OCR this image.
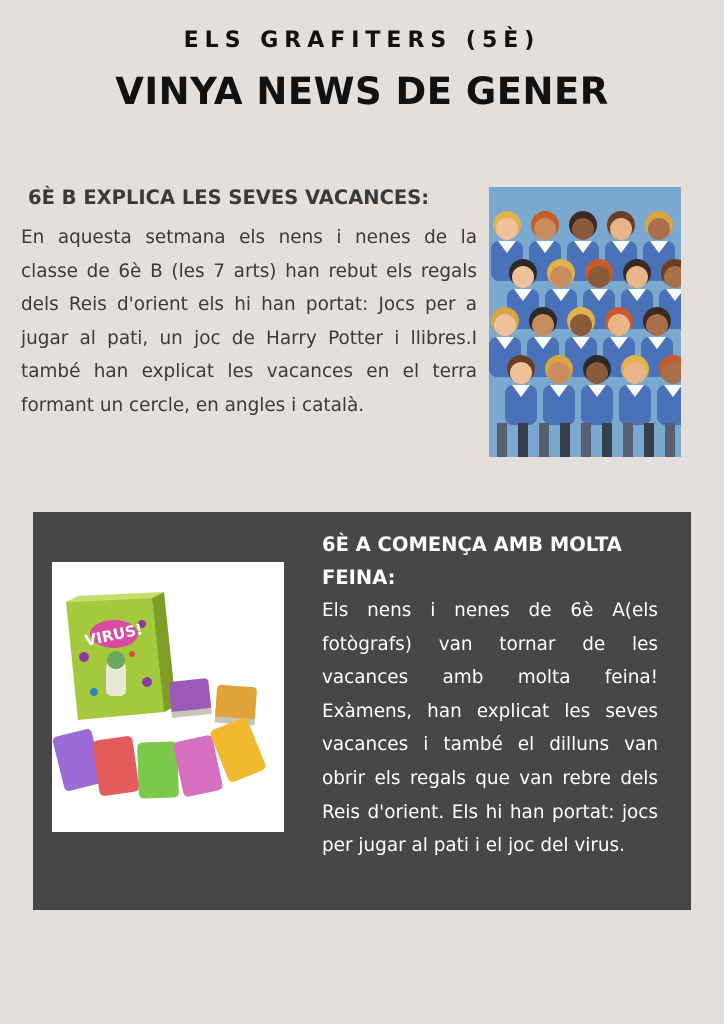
ELS GRAFITERS (5È)
VINYA NEWS DE GENER
6È B EXPLICA LES SEVES VACANCES:
En aquesta setmana els nens i nenes de la classe de 6è B (les 7 arts) han rebut els regals dels Reis d'orient els hi han portat: Jocs per a jugar al pati, un joc de Harry Potter i llibres.I també han explicat les vacances en el terra formant un cercle, en angles i català.
VIRUS!
6È A COMENÇA AMB MOLTA FEINA:
Els nens i nenes de 6è A(els fotògrafs) van tornar de les vacances amb molta feina! Exàmens, han explicat les seves vacances i també el dilluns van obrir els regals que van rebre dels Reis d'orient. Els hi han portat: jocs per jugar al pati i el joc del virus.
